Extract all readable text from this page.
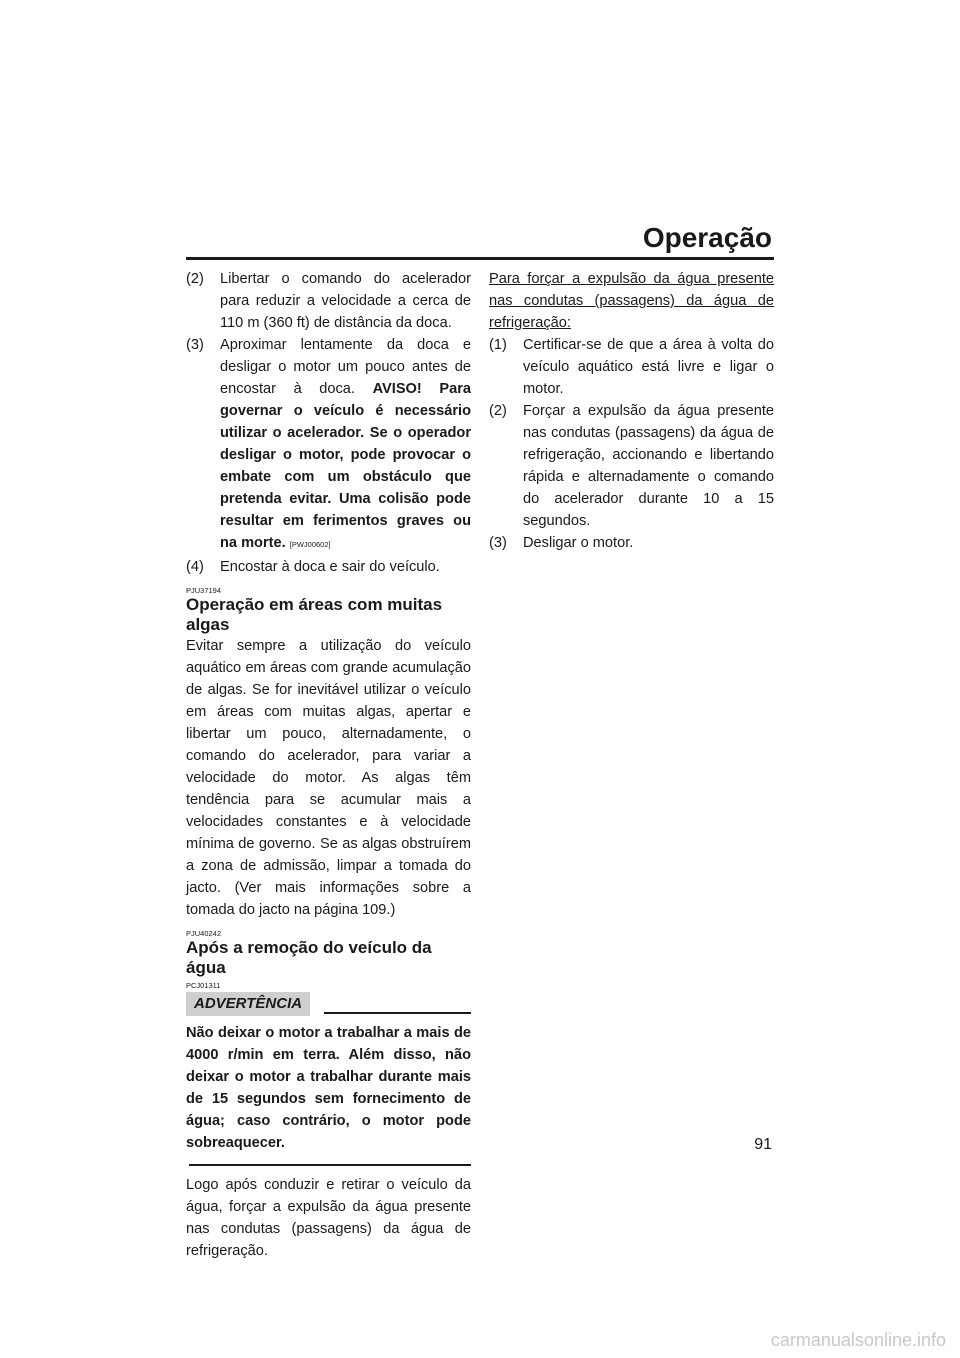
Operação
(2)	Libertar o comando do acelerador para reduzir a velocidade a cerca de 110 m (360 ft) de distância da doca.
(3)	Aproximar lentamente da doca e desligar o motor um pouco antes de encostar à doca. AVISO! Para governar o veículo é necessário utilizar o acelerador. Se o operador desligar o motor, pode provocar o embate com um obstáculo que pretenda evitar. Uma colisão pode resultar em ferimentos graves ou na morte. [PWJ00602]
(4)	Encostar à doca e sair do veículo.
PJU37194
Operação em áreas com muitas algas
Evitar sempre a utilização do veículo aquático em áreas com grande acumulação de algas. Se for inevitável utilizar o veículo em áreas com muitas algas, apertar e libertar um pouco, alternadamente, o comando do acelerador, para variar a velocidade do motor. As algas têm tendência para se acumular mais a velocidades constantes e à velocidade mínima de governo. Se as algas obstruírem a zona de admissão, limpar a tomada do jacto. (Ver mais informações sobre a tomada do jacto na página 109.)
PJU40242
Após a remoção do veículo da água
PCJ01311
ADVERTÊNCIA
Não deixar o motor a trabalhar a mais de 4000 r/min em terra. Além disso, não deixar o motor a trabalhar durante mais de 15 segundos sem fornecimento de água; caso contrário, o motor pode sobreaquecer.
Logo após conduzir e retirar o veículo da água, forçar a expulsão da água presente nas condutas (passagens) da água de refrigeração.
Para forçar a expulsão da água presente nas condutas (passagens) da água de refrigeração:
(1)	Certificar-se de que a área à volta do veículo aquático está livre e ligar o motor.
(2)	Forçar a expulsão da água presente nas condutas (passagens) da água de refrigeração, accionando e libertando rápida e alternadamente o comando do acelerador durante 10 a 15 segundos.
(3)	Desligar o motor.
91
carmanualsonline.info
